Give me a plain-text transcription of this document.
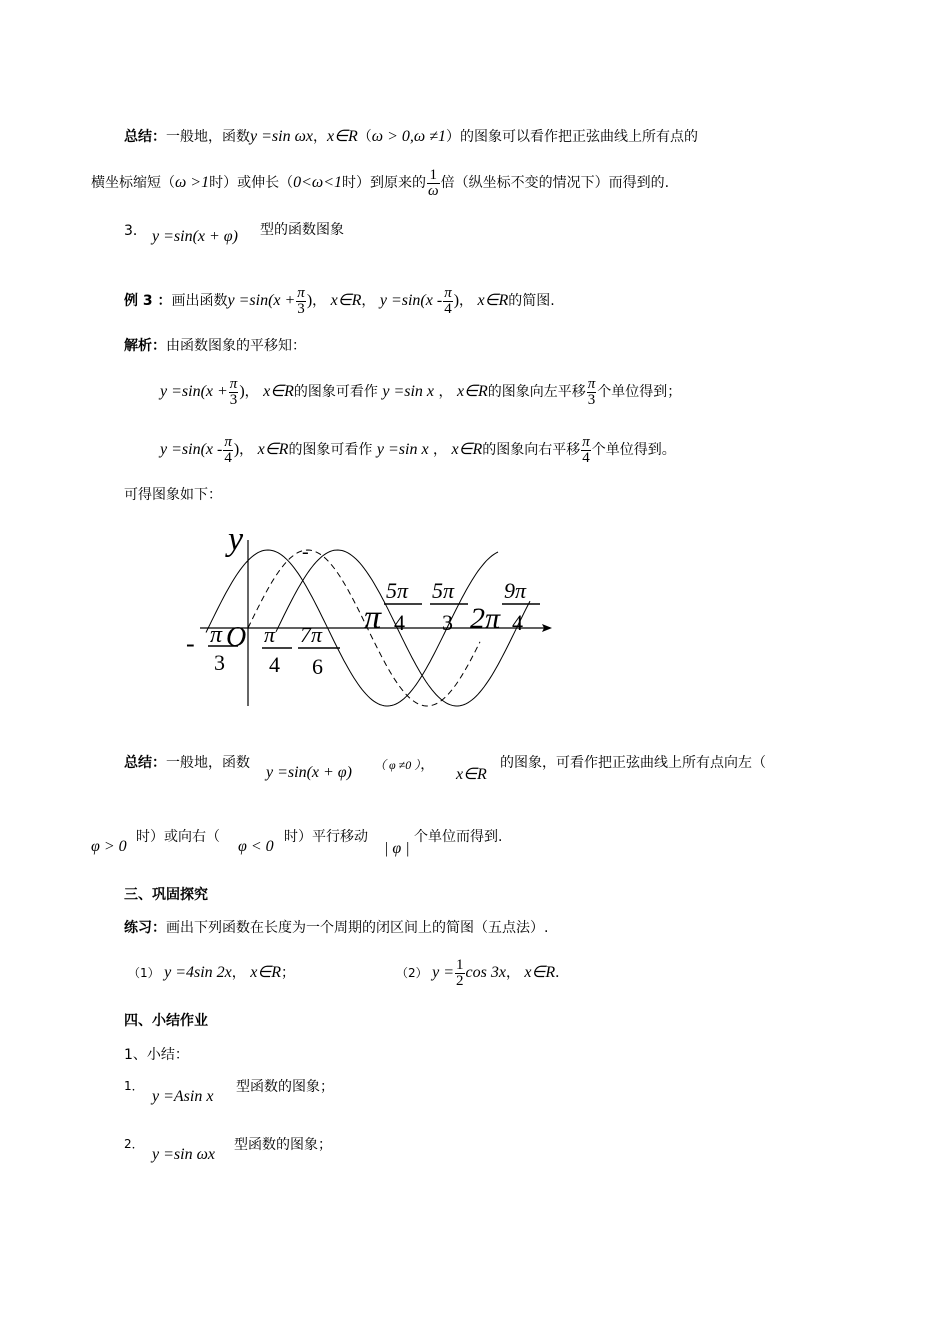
总结：一般地，函数y =sin ωx，x∈R（ω > 0,ω ≠1）的图象可以看作把正弦曲线上所有点的
横坐标缩短（ω >1时）或伸长（0<ω<1时）到原来的 $\frac{1}{\omega}$ 倍（纵坐标不变的情况下）而得到的.
3． y =sin(x + φ) 型的函数图象
例 3 ：画出函数$y =\sin(x + \frac{\pi}{3}$ )， x∈R， $y =\sin(x - \frac{\pi}{4}$ )， x∈R的简图.
解析：由函数图象的平移知：
$y =\sin(x + \frac{\pi}{3}$ )， x∈R的图象可看作 y =sin x ， x∈R的图象向左平移 $\frac{\pi}{3}$ 个单位得到；
$y =\sin(x - \frac{\pi}{4}$ )， x∈R的图象可看作 y =sin x ， x∈R的图象向右平移 $\frac{\pi}{4}$ 个单位得到。
可得图象如下：
y	-
- π
3
O π
4
7π
6
π
5π
4
5π
3 2π
9π
4
总结：一般地，函数
y =sin(x + φ) （ φ ≠0 ），
x∈R
的图象，可看作把正弦曲线上所有点向左（
φ > 0
时）或向右（
φ < 0
时）平行移动
| φ |
个单位而得到.
三、巩固探究
练习：画出下列函数在长度为一个周期的闭区间上的简图（五点法）.
（1） y =4sin 2x， x∈R；	（2） $y = \frac{1}{2}$ cos 3x， x∈R.
四、小结作业
1、小结：
1．
y =Asin x
型函数的图象；
2．
y =sin ωx
型函数的图象；
